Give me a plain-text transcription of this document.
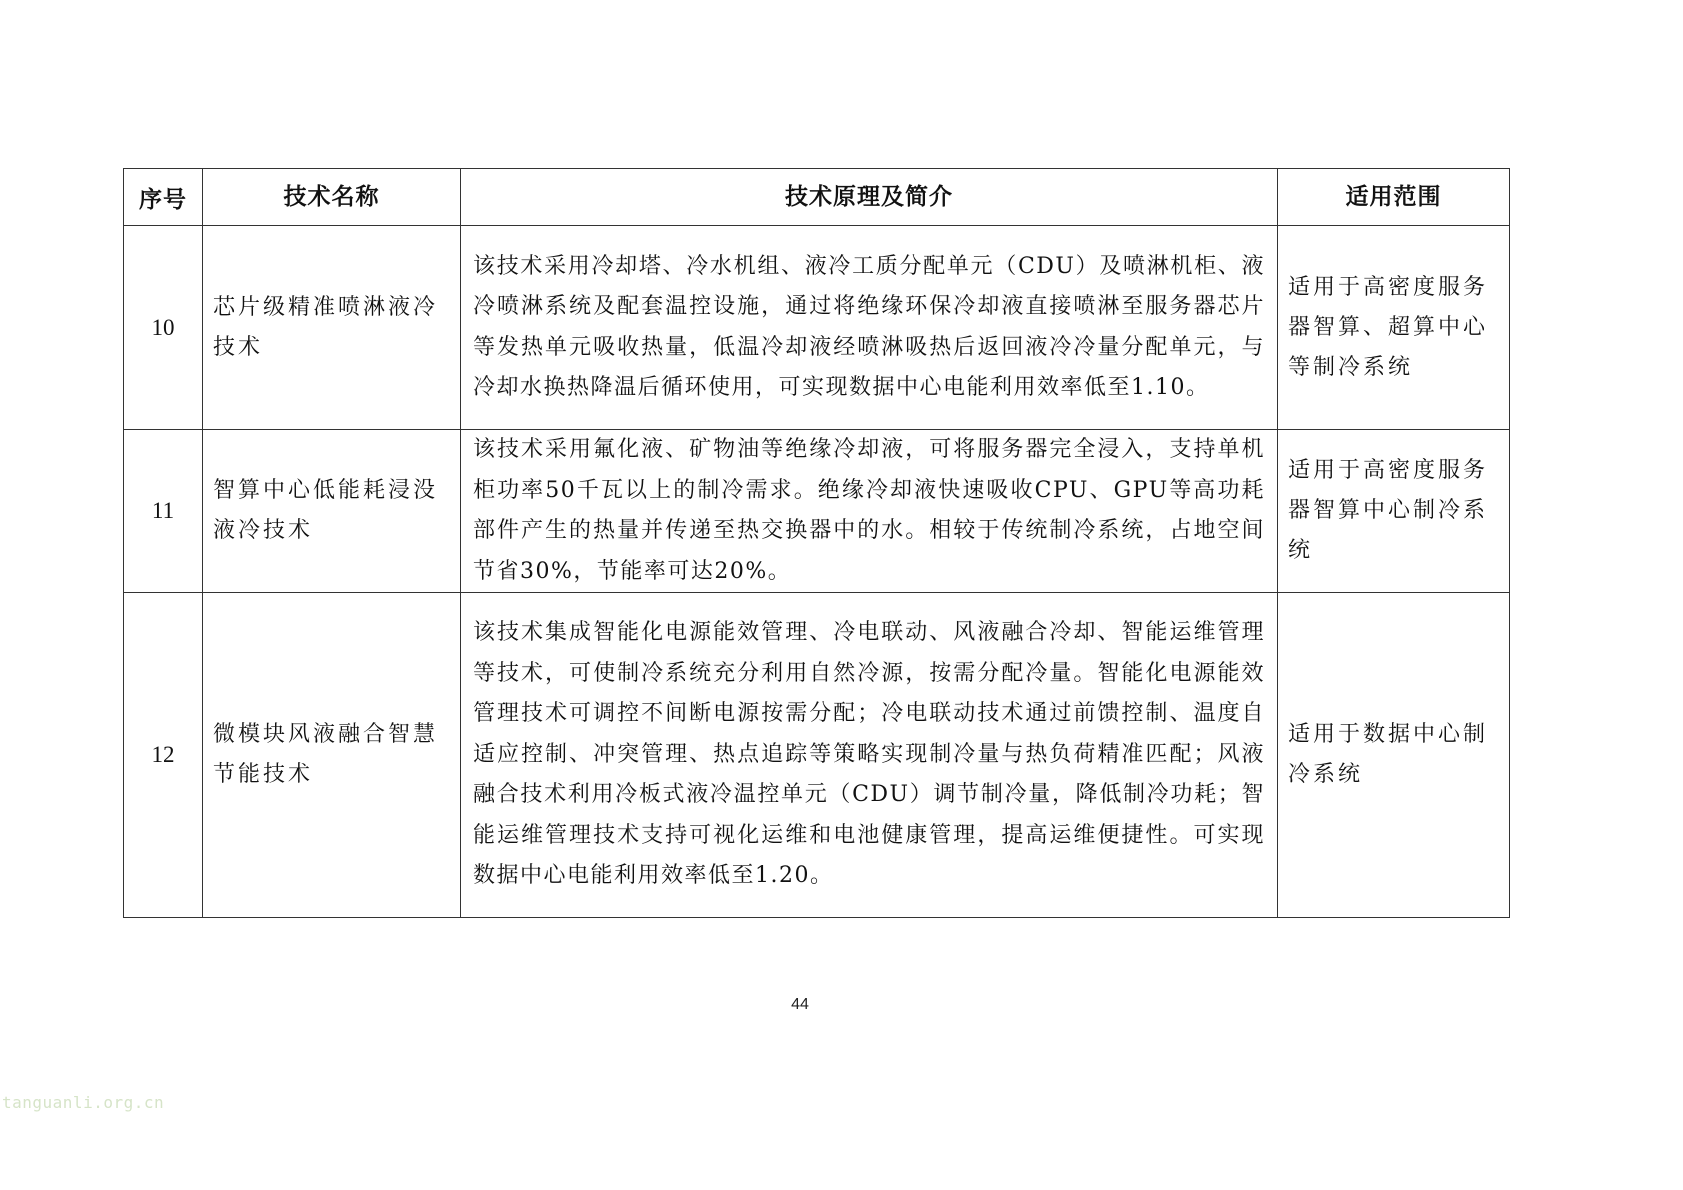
序号	技术名称	技术原理及简介	适用范围
10	芯片级精准喷淋液冷技术	该技术采用冷却塔、冷水机组、液冷工质分配单元（CDU）及喷淋机柜、液冷喷淋系统及配套温控设施，通过将绝缘环保冷却液直接喷淋至服务器芯片等发热单元吸收热量，低温冷却液经喷淋吸热后返回液冷冷量分配单元，与冷却水换热降温后循环使用，可实现数据中心电能利用效率低至1.10。	适用于高密度服务器智算、超算中心等制冷系统
11	智算中心低能耗浸没液冷技术	该技术采用氟化液、矿物油等绝缘冷却液，可将服务器完全浸入，支持单机柜功率50千瓦以上的制冷需求。绝缘冷却液快速吸收CPU、GPU等高功耗部件产生的热量并传递至热交换器中的水。相较于传统制冷系统，占地空间节省30%，节能率可达20%。	适用于高密度服务器智算中心制冷系统
12	微模块风液融合智慧节能技术	该技术集成智能化电源能效管理、冷电联动、风液融合冷却、智能运维管理等技术，可使制冷系统充分利用自然冷源，按需分配冷量。智能化电源能效管理技术可调控不间断电源按需分配；冷电联动技术通过前馈控制、温度自适应控制、冲突管理、热点追踪等策略实现制冷量与热负荷精准匹配；风液融合技术利用冷板式液冷温控单元（CDU）调节制冷量，降低制冷功耗；智能运维管理技术支持可视化运维和电池健康管理，提高运维便捷性。可实现数据中心电能利用效率低至1.20。	适用于数据中心制冷系统
44
tanguanli.org.cn
